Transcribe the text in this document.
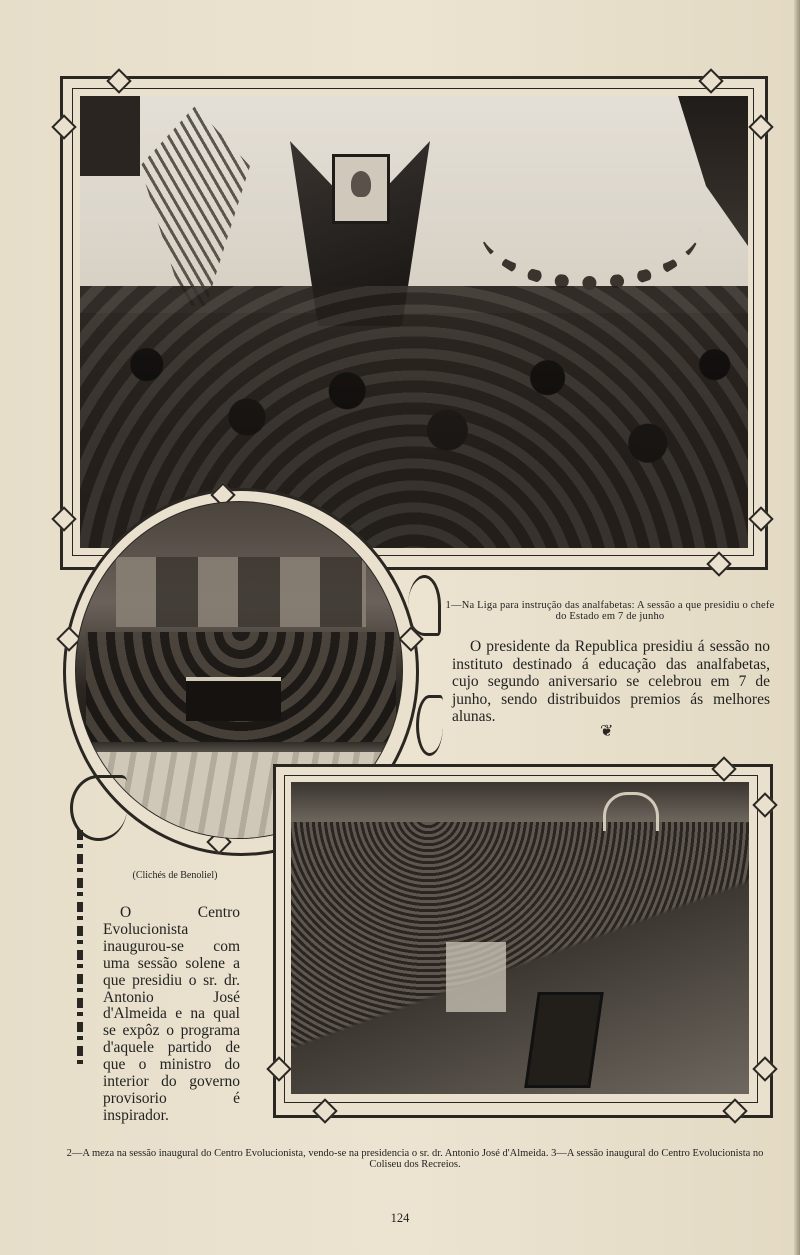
1—Na Liga para instrução das analfabetas: A sessão a que presidiu o chefe do Estado em 7 de junho
O presidente da Republica presidiu á sessão no instituto destinado á educação das analfabetas, cujo segundo aniversario se celebrou em 7 de junho, sendo distribuidos premios ás melhores alunas.
❦
(Clichés de Benoliel)
O Centro Evolucionista inaugurou-se com uma sessão solene a que presidiu o sr. dr. Antonio José d'Almeida e na qual se expôz o programa d'aquele partido de que o ministro do interior do governo provisorio é inspirador.
2—A meza na sessão inaugural do Centro Evolucionista, vendo-se na presidencia o sr. dr. Antonio José d'Almeida. 3—A sessão inaugural do Centro Evolucionista no Coliseu dos Recreios.
124
